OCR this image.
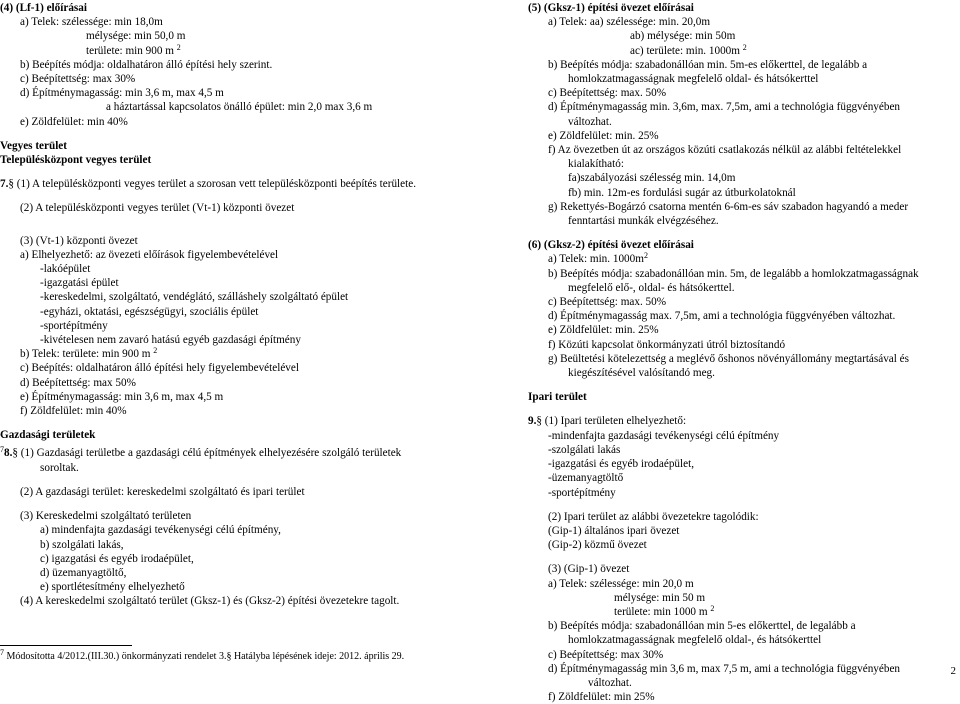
(4) (Lf-1) előírásai
a) Telek: szélessége: min 18,0m
mélysége: min 50,0 m
területe: min 900 m $^2$
b) Beépítés módja: oldalhatáron álló építési hely szerint.
c) Beépítettség: max 30%
d) Építménymagasság: min 3,6 m, max 4,5 m
a háztartással kapcsolatos önálló épület: min 2,0 max 3,6 m
e) Zöldfelület: min 40%
Vegyes terület
Településközpont vegyes terület
7.§ (1) A településközponti vegyes terület a szorosan vett településközponti beépítés területe.
(2) A településközponti vegyes terület (Vt-1) központi övezet
(3) (Vt-1) központi övezet
a) Elhelyezhető: az övezeti előírások figyelembevételével
-lakóépület
-igazgatási épület
-kereskedelmi, szolgáltató, vendéglátó, szálláshely szolgáltató épület
-egyházi, oktatási, egészségügyi, szociális épület
-sportépítmény
-kivételesen nem zavaró hatású egyéb gazdasági építmény
b) Telek: területe: min 900 m $^2$
c) Beépítés: oldalhatáron álló építési hely figyelembevételével
d) Beépítettség: max 50%
e) Építménymagasság: min 3,6 m, max 4,5 m
f) Zöldfelület: min 40%
Gazdasági területek
$^7$8.§ (1) Gazdasági területbe a gazdasági célú építmények elhelyezésére szolgáló területek
soroltak.
(2) A gazdasági terület: kereskedelmi szolgáltató és ipari terület
(3) Kereskedelmi szolgáltató területen
a) mindenfajta gazdasági tevékenységi célú építmény,
b) szolgálati lakás,
c) igazgatási és egyéb irodaépület,
d) üzemanyagtöltő,
e) sportlétesítmény elhelyezhető
(4) A kereskedelmi szolgáltató terület (Gksz-1) és (Gksz-2) építési övezetekre tagolt.
$^7$ Módosította 4/2012.(III.30.) önkormányzati rendelet 3.§ Hatályba lépésének ideje: 2012. április 29.
(5) (Gksz-1) építési övezet előírásai
a) Telek: aa) szélessége: min. 20,0m
ab) mélysége: min 50m
ac) területe: min. 1000m $^2$
b) Beépítés módja: szabadonállóan min. 5m-es előkerttel, de legalább a
homlokzatmagasságnak megfelelő oldal- és hátsókerttel
c) Beépítettség: max. 50%
d) Építménymagasság min. 3,6m, max. 7,5m, ami a technológia függvényében
változhat.
e) Zöldfelület: min. 25%
f) Az övezetben út az országos közúti csatlakozás nélkül az alábbi feltételekkel
kialakítható:
fa)szabályozási szélesség min. 14,0m
fb) min. 12m-es fordulási sugár az útburkolatoknál
g) Rekettyés-Bogárzó csatorna mentén 6-6m-es sáv szabadon hagyandó a meder
fenntartási munkák elvégzéséhez.
(6) (Gksz-2) építési övezet előírásai
a) Telek: min. $1000m^2$
b) Beépítés módja: szabadonállóan min. 5m, de legalább a homlokzatmagasságnak
megfelelő elő-, oldal- és hátsókerttel.
c) Beépítettség: max. 50%
d) Építménymagasság max. 7,5m, ami a technológia függvényében változhat.
e) Zöldfelület: min. 25%
f) Közúti kapcsolat önkormányzati útról biztosítandó
g) Beültetési kötelezettség a meglévő őshonos növényállomány megtartásával és
kiegészítésével valósítandó meg.
Ipari terület
9.§ (1) Ipari területen elhelyezhető:
-mindenfajta gazdasági tevékenységi célú építmény
-szolgálati lakás
-igazgatási és egyéb irodaépület,
-üzemanyagtöltő
-sportépítmény
(2) Ipari terület az alábbi övezetekre tagolódik:
(Gip-1) általános ipari övezet
(Gip-2) közmű övezet
(3) (Gip-1) övezet
a) Telek: szélessége: min 20,0 m
mélysége: min 50 m
területe: min 1000 m $^2$
b) Beépítés módja: szabadonállóan min 5-es előkerttel, de legalább a
homlokzatmagasságnak megfelelő oldal-, és hátsókerttel
c) Beépítettség: max 30%
d) Építménymagasság min 3,6 m, max 7,5 m, ami a technológia függvényében
változhat.
f) Zöldfelület: min 25%
2
